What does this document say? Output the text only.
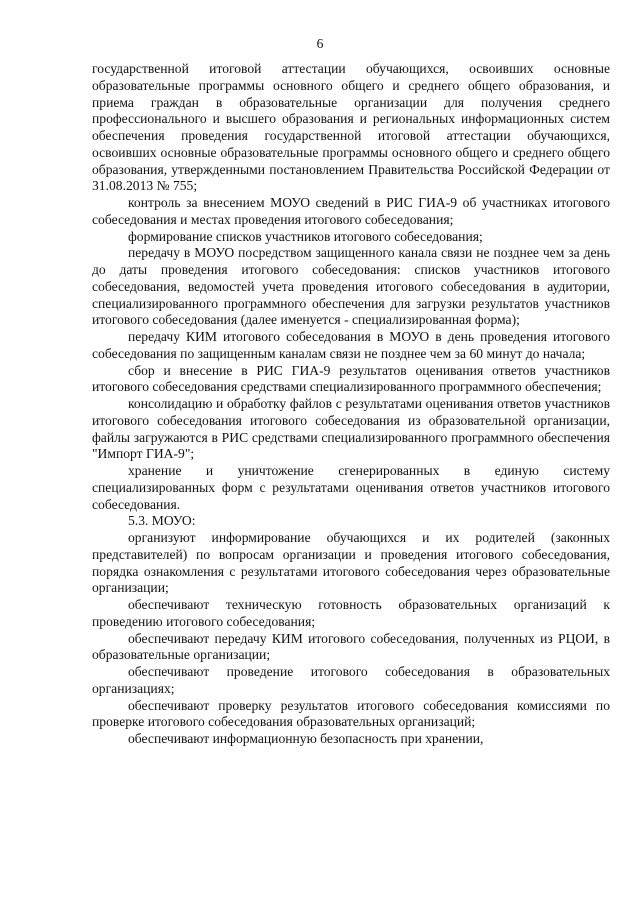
6

государственной итоговой аттестации обучающихся, освоивших основные образовательные программы основного общего и среднего общего образования, и приема граждан в образовательные организации для получения среднего профессионального и высшего образования и региональных информационных систем обеспечения проведения государственной итоговой аттестации обучающихся, освоивших основные образовательные программы основного общего и среднего общего образования, утвержденными постановлением Правительства Российской Федерации от 31.08.2013 № 755;

контроль за внесением МОУО сведений в РИС ГИА-9 об участниках итогового собеседования и местах проведения итогового собеседования;

формирование списков участников итогового собеседования;

передачу в МОУО посредством защищенного канала связи не позднее чем за день до даты проведения итогового собеседования: списков участников итогового собеседования, ведомостей учета проведения итогового собеседования в аудитории, специализированного программного обеспечения для загрузки результатов участников итогового собеседования (далее именуется - специализированная форма);

передачу КИМ итогового собеседования в МОУО в день проведения итогового собеседования по защищенным каналам связи не позднее чем за 60 минут до начала;

сбор и внесение в РИС ГИА-9 результатов оценивания ответов участников итогового собеседования средствами специализированного программного обеспечения;

консолидацию и обработку файлов с результатами оценивания ответов участников итогового собеседования итогового собеседования из образовательной организации, файлы загружаются в РИС средствами специализированного программного обеспечения "Импорт ГИА-9";

хранение и уничтожение сгенерированных в единую систему специализированных форм с результатами оценивания ответов участников итогового собеседования.

5.3. МОУО:

организуют информирование обучающихся и их родителей (законных представителей) по вопросам организации и проведения итогового собеседования, порядка ознакомления с результатами итогового собеседования через образовательные организации;

обеспечивают техническую готовность образовательных организаций к проведению итогового собеседования;

обеспечивают передачу КИМ итогового собеседования, полученных из РЦОИ, в образовательные организации;

обеспечивают проведение итогового собеседования в образовательных организациях;

обеспечивают проверку результатов итогового собеседования комиссиями по проверке итогового собеседования образовательных организаций;

обеспечивают информационную безопасность при хранении,
